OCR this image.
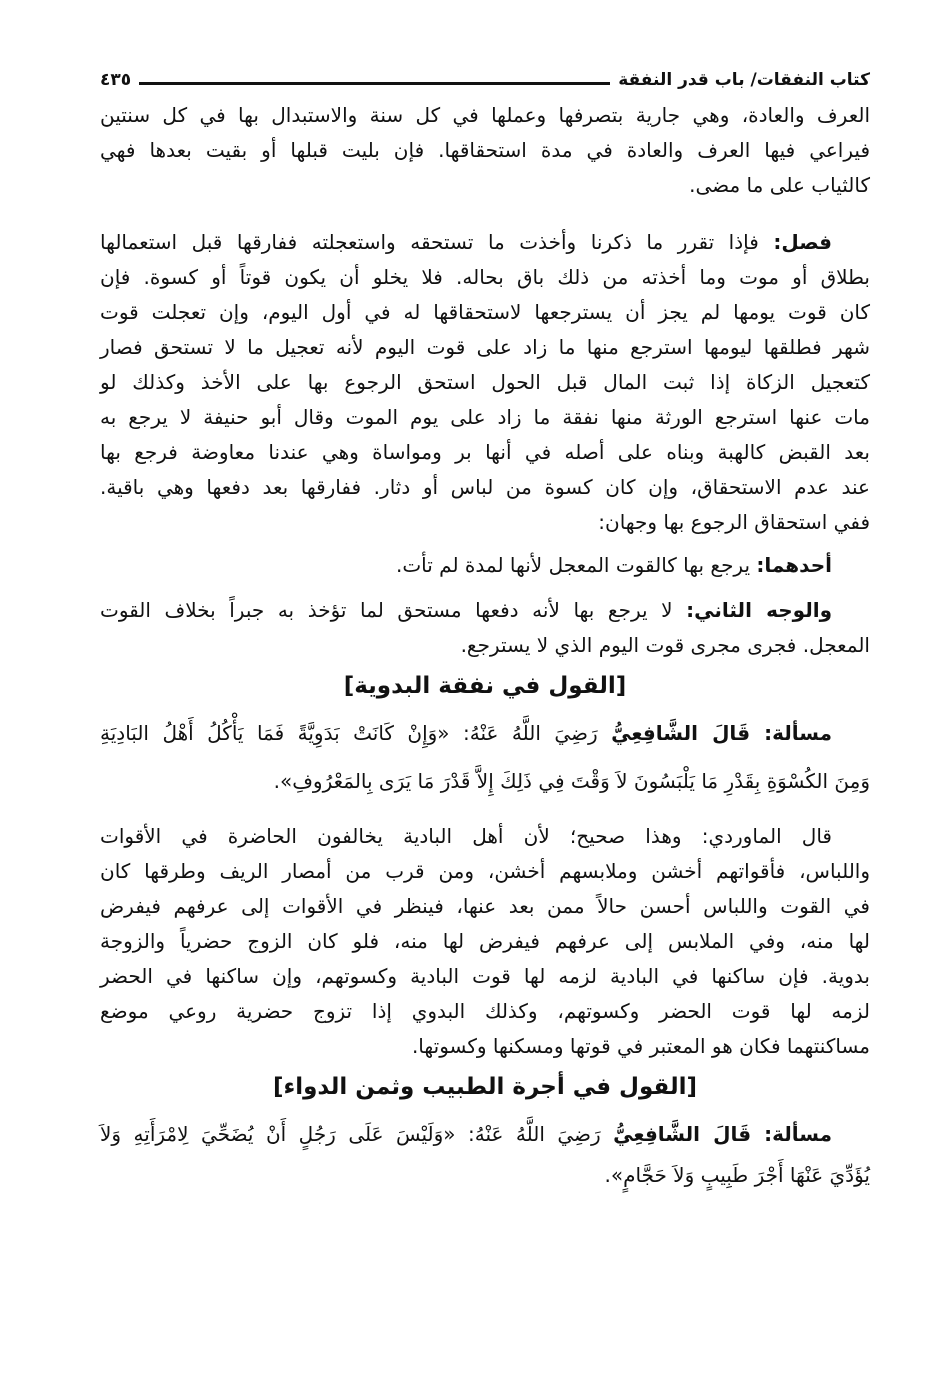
كتاب النفقات/ باب قدر النفقة
٤٣٥
العرف والعادة، وهي جارية بتصرفها وعملها في كل سنة والاستبدال بها في كل سنتين
فيراعي فيها العرف والعادة في مدة استحقاقها. فإن بليت قبلها أو بقيت بعدها فهي
كالثياب على ما مضى.
فصل: فإذا تقرر ما ذكرنا وأخذت ما تستحقه واستعجلته ففارقها قبل استعمالها
بطلاق أو موت وما أخذته من ذلك باق بحاله. فلا يخلو أن يكون قوتاً أو كسوة. فإن
كان قوت يومها لم يجز أن يسترجعها لاستحقاقها له في أول اليوم، وإن تعجلت قوت
شهر فطلقها ليومها استرجع منها ما زاد على قوت اليوم لأنه تعجيل ما لا تستحق فصار
كتعجيل الزكاة إذا ثبت المال قبل الحول استحق الرجوع بها على الأخذ وكذلك لو
مات عنها استرجع الورثة منها نفقة ما زاد على يوم الموت وقال أبو حنيفة لا يرجع به
بعد القبض كالهبة وبناه على أصله في أنها بر ومواساة وهي عندنا معاوضة فرجع بها
عند عدم الاستحقاق، وإن كان كسوة من لباس أو دثار. ففارقها بعد دفعها وهي باقية.
ففي استحقاق الرجوع بها وجهان:
أحدهما: يرجع بها كالقوت المعجل لأنها لمدة لم تأت.
والوجه الثاني: لا يرجع بها لأنه دفعها مستحق لما تؤخذ به جبراً بخلاف القوت
المعجل. فجرى مجرى قوت اليوم الذي لا يسترجع.
[القول في نفقة البدوية]
مسألة: قَالَ الشَّافِعِيُّ رَضِيَ اللَّهُ عَنْهُ: «وَإِنْ كَانَتْ بَدَوِيَّةً فَمَا يَأْكُلُ أَهْلُ البَادِيَةِ
وَمِنَ الكُسْوَةِ بِقَدْرِ مَا يَلْبَسُونَ لاَ وَقْتَ فِي ذَلِكَ إِلاَّ قَدْرَ مَا يَرَى بِالمَعْرُوفِ».
قال الماوردي: وهذا صحيح؛ لأن أهل البادية يخالفون الحاضرة في الأقوات
واللباس، فأقواتهم أخشن وملابسهم أخشن، ومن قرب من أمصار الريف وطرقها كان
في القوت واللباس أحسن حالاً ممن بعد عنها، فينظر في الأقوات إلى عرفهم فيفرض
لها منه، وفي الملابس إلى عرفهم فيفرض لها منه، فلو كان الزوج حضرياً والزوجة
بدوية. فإن ساكنها في البادية لزمه لها قوت البادية وكسوتهم، وإن ساكنها في الحضر
لزمه لها قوت الحضر وكسوتهم، وكذلك البدوي إذا تزوج حضرية روعي موضع
مساكنتهما فكان هو المعتبر في قوتها ومسكنها وكسوتها.
[القول في أجرة الطبيب وثمن الدواء]
مسألة: قَالَ الشَّافِعِيُّ رَضِيَ اللَّهُ عَنْهُ: «وَلَيْسَ عَلَى رَجُلٍ أَنْ يُضَحِّيَ لِامْرَأَتِهِ وَلاَ
يُؤَدِّيَ عَنْهَا أَجْرَ طَبِيبٍ وَلاَ حَجَّامٍ».
